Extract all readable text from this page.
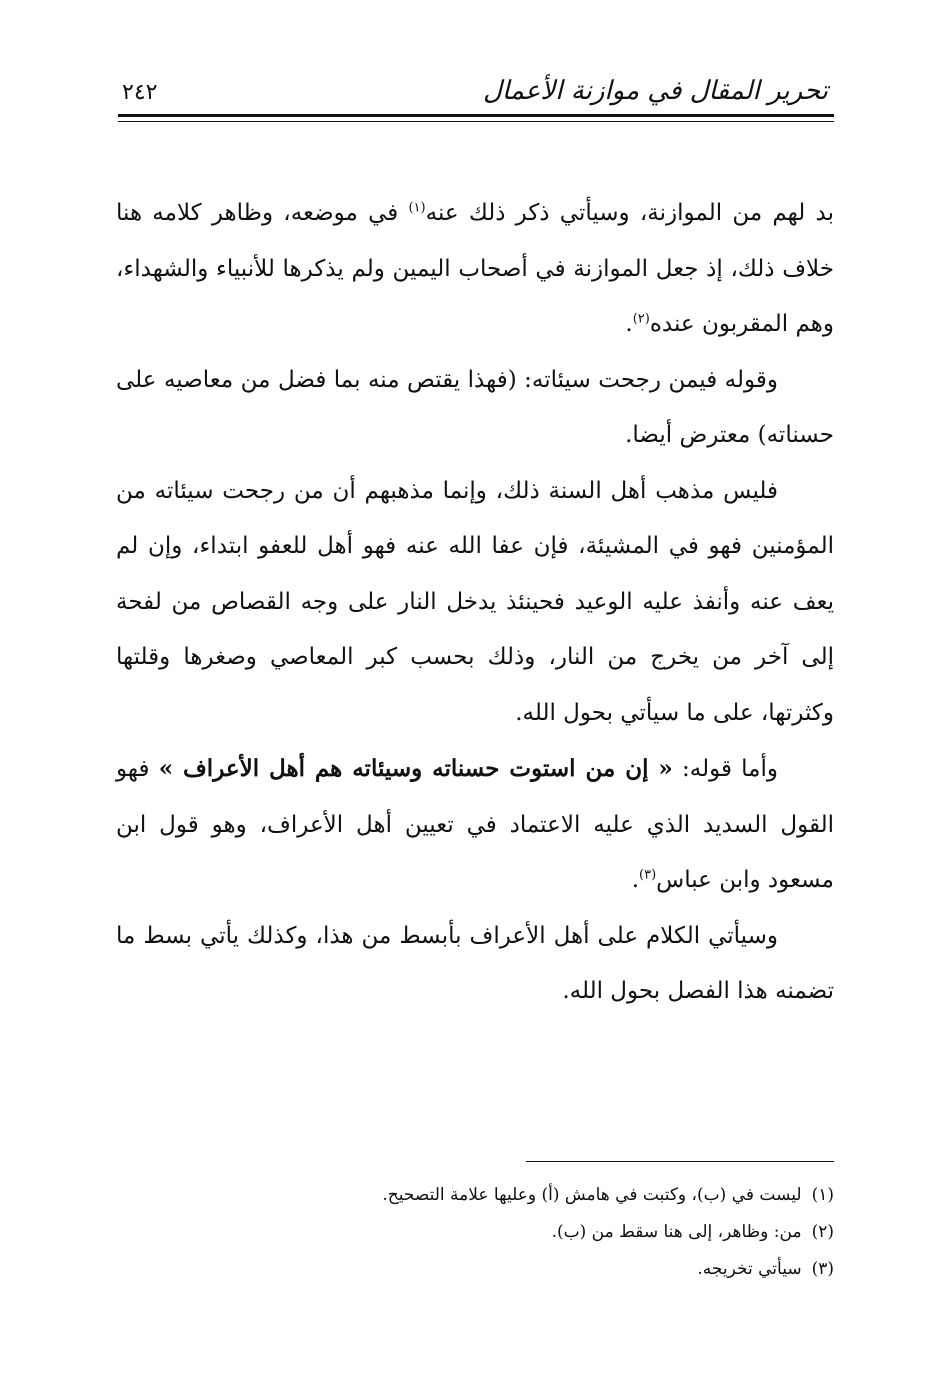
تحرير المقال في موازنة الأعمال
٢٤٢

بد لهم من الموازنة، وسيأتي ذكر ذلك عنه$^{(١)}$ في موضعه، وظاهر كلامه هنا خلاف ذلك، إذ جعل الموازنة في أصحاب اليمين ولم يذكرها للأنبياء والشهداء، وهم المقربون عنده$^{(٢)}$.

وقوله فيمن رجحت سيئاته: (فهذا يقتص منه بما فضل من معاصيه على حسناته) معترض أيضا.

فليس مذهب أهل السنة ذلك، وإنما مذهبهم أن من رجحت سيئاته من المؤمنين فهو في المشيئة، فإن عفا الله عنه فهو أهل للعفو ابتداء، وإن لم يعف عنه وأنفذ عليه الوعيد فحينئذ يدخل النار على وجه القصاص من لفحة إلى آخر من يخرج من النار، وذلك بحسب كبر المعاصي وصغرها وقلتها وكثرتها، على ما سيأتي بحول الله.

وأما قوله: « إن من استوت حسناته وسيئاته هم أهل الأعراف » فهو القول السديد الذي عليه الاعتماد في تعيين أهل الأعراف، وهو قول ابن مسعود وابن عباس$^{(٣)}$.

وسيأتي الكلام على أهل الأعراف بأبسط من هذا، وكذلك يأتي بسط ما تضمنه هذا الفصل بحول الله.

(١)ليست في (ب)، وكتبت في هامش (أ) وعليها علامة التصحيح.

(٢)من: وظاهر، إلى هنا سقط من (ب).

(٣)سيأتي تخريجه.
